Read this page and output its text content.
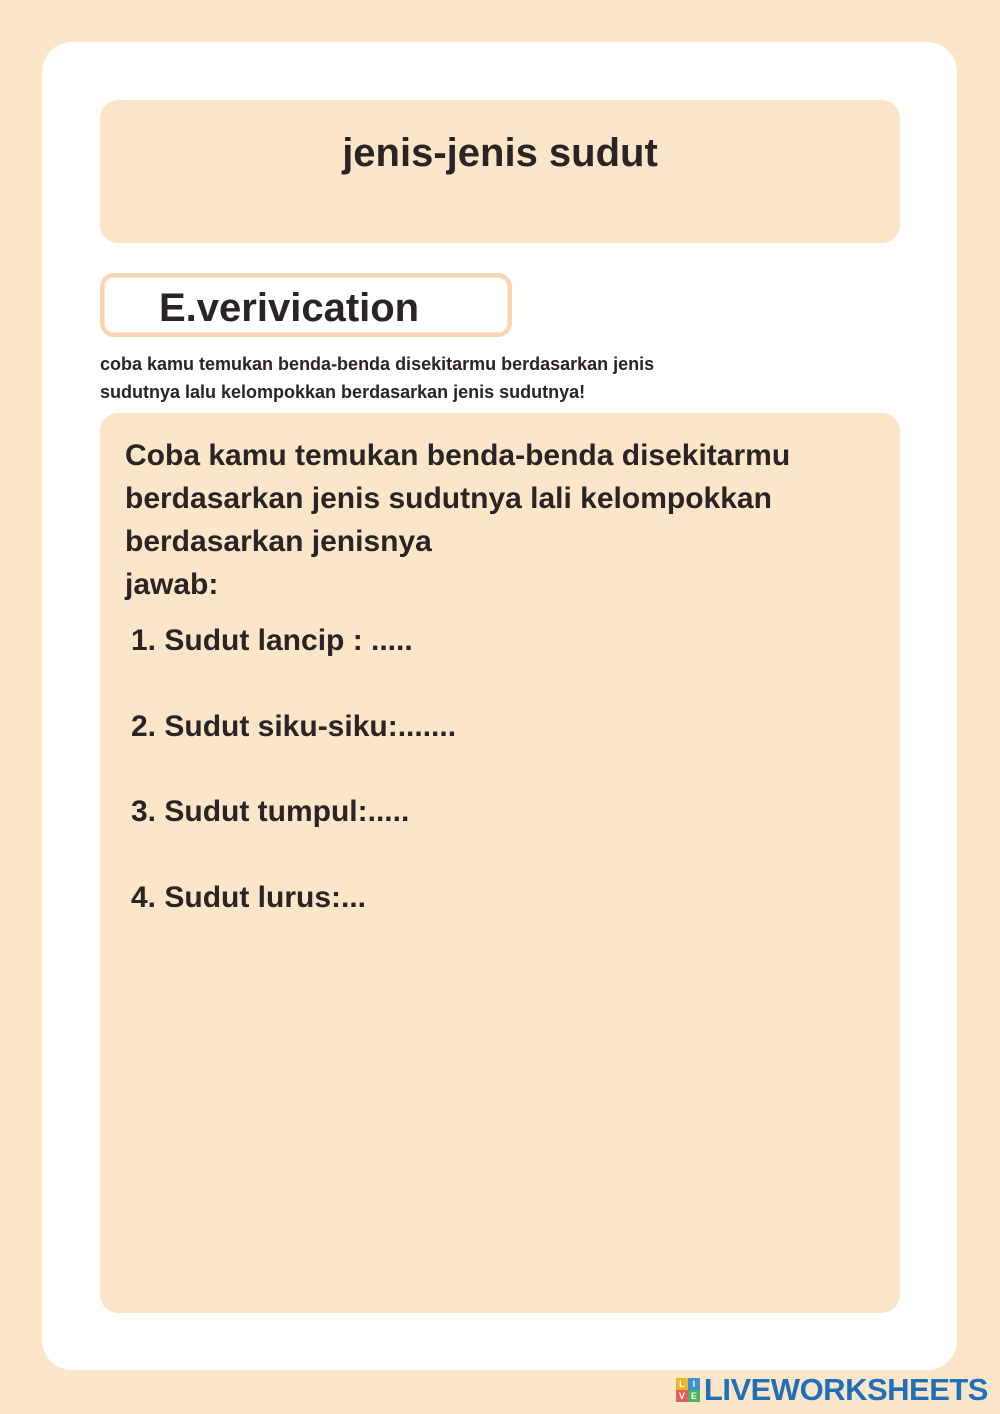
jenis-jenis sudut
E.verivication
coba kamu temukan benda-benda disekitarmu berdasarkan jenis
sudutnya lalu kelompokkan berdasarkan jenis sudutnya!
Coba kamu temukan benda-benda disekitarmu
berdasarkan jenis sudutnya lali kelompokkan
berdasarkan jenisnya
jawab:
1. Sudut lancip : .....
2. Sudut siku-siku:.......
3. Sudut tumpul:.....
4. Sudut lurus:...
L I
V E LIVEWORKSHEETS
